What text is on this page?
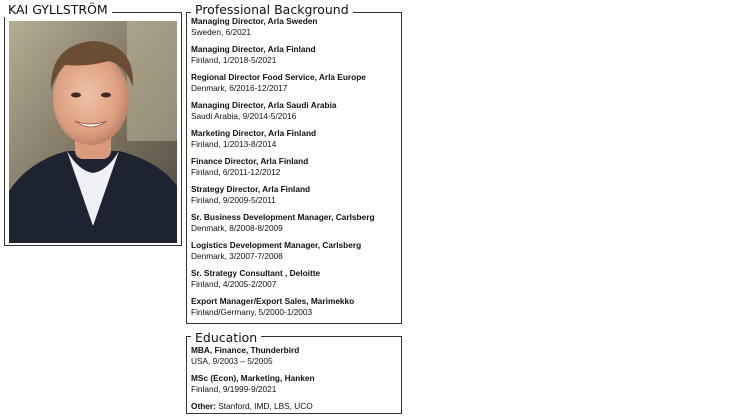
KAI GYLLSTRÖM	Professional Background
Managing Director, Arla Sweden
Sweden, 6/2021
Managing Director, Arla Finland
Finland, 1/2018-5/2021
Regional Director Food Service, Arla Europe
Denmark, 6/2016-12/2017
Managing Director, Arla Saudi Arabia
Saudi Arabia, 9/2014-5/2016
Marketing Director, Arla Finland
Finland, 1/2013-8/2014
Finance Director, Arla Finland
Finland, 6/2011-12/2012
Strategy Director, Arla Finland
Finland, 9/2009-5/2011
Sr. Business Development Manager, Carlsberg
Denmark, 8/2008-8/2009
Logistics Development Manager, Carlsberg
Denmark, 3/2007-7/2008
Sr. Strategy Consultant , Deloitte
Finland, 4/2005-2/2007
Export Manager/Export Sales, Marimekko
Finland/Germany, 5/2000-1/2003
Education
MBA, Finance, Thunderbird
USA, 9/2003 – 5/2005
MSc (Econ), Marketing, Hanken
Finland, 9/1999-9/2021
Other: Stanford, IMD, LBS, UCO
